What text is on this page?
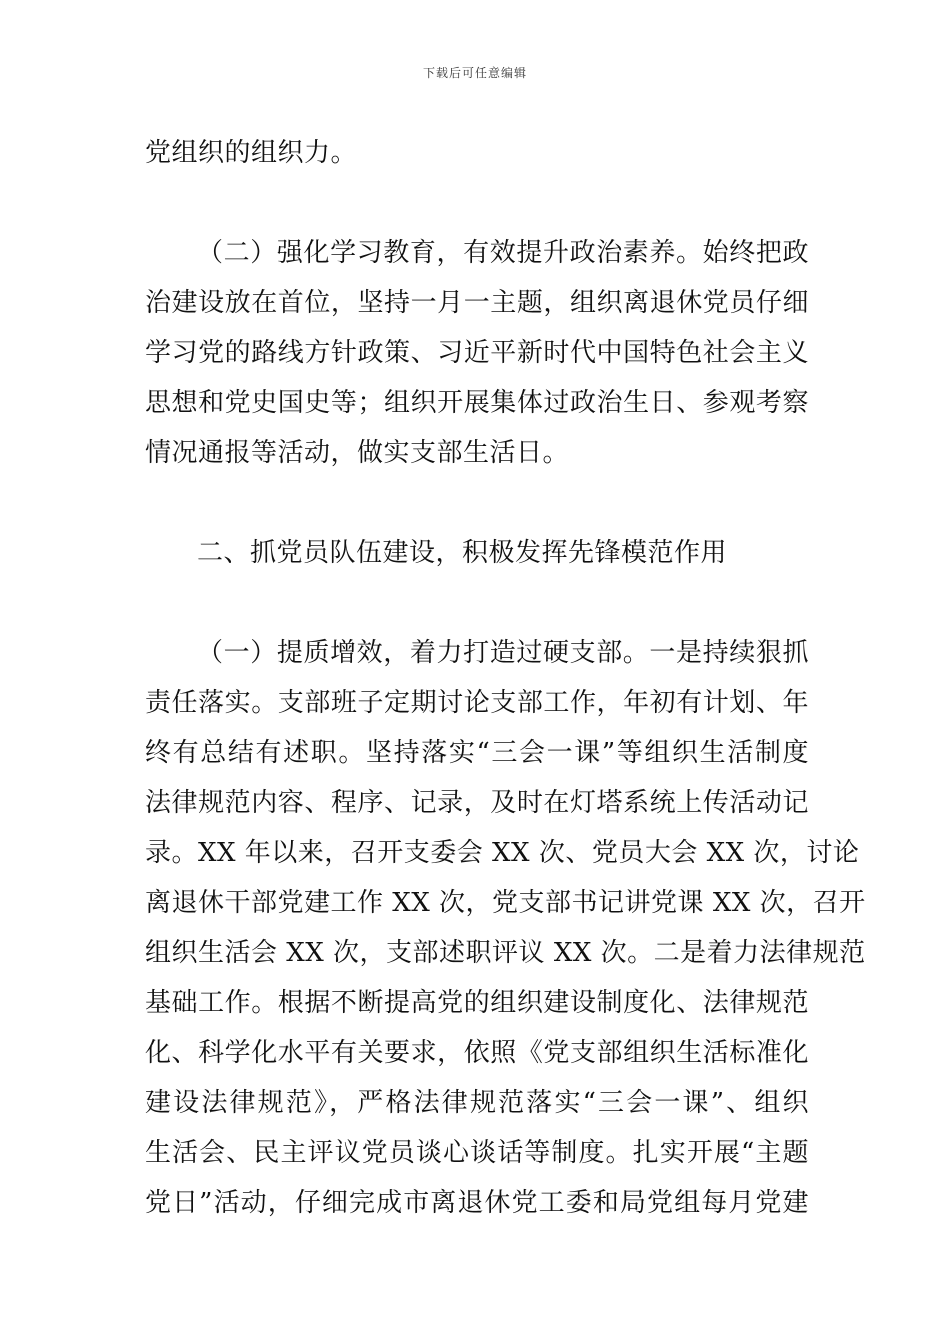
下载后可任意编辑

党组织的组织力。

（二）强化学习教育，有效提升政治素养。始终把政
治建设放在首位，坚持一月一主题，组织离退休党员仔细
学习党的路线方针政策、习近平新时代中国特色社会主义
思想和党史国史等；组织开展集体过政治生日、参观考察
情况通报等活动，做实支部生活日。

二、抓党员队伍建设，积极发挥先锋模范作用

（一）提质增效，着力打造过硬支部。一是持续狠抓
责任落实。支部班子定期讨论支部工作，年初有计划、年
终有总结有述职。坚持落实“三会一课”等组织生活制度
法律规范内容、程序、记录，及时在灯塔系统上传活动记
录。XX 年以来，召开支委会 XX 次、党员大会 XX 次，讨论
离退休干部党建工作 XX 次，党支部书记讲党课 XX 次，召开
组织生活会 XX 次，支部述职评议 XX 次。二是着力法律规范
基础工作。根据不断提高党的组织建设制度化、法律规范
化、科学化水平有关要求，依照《党支部组织生活标准化
建设法律规范》，严格法律规范落实“三会一课”、组织
生活会、民主评议党员谈心谈话等制度。扎实开展“主题
党日”活动，仔细完成市离退休党工委和局党组每月党建
